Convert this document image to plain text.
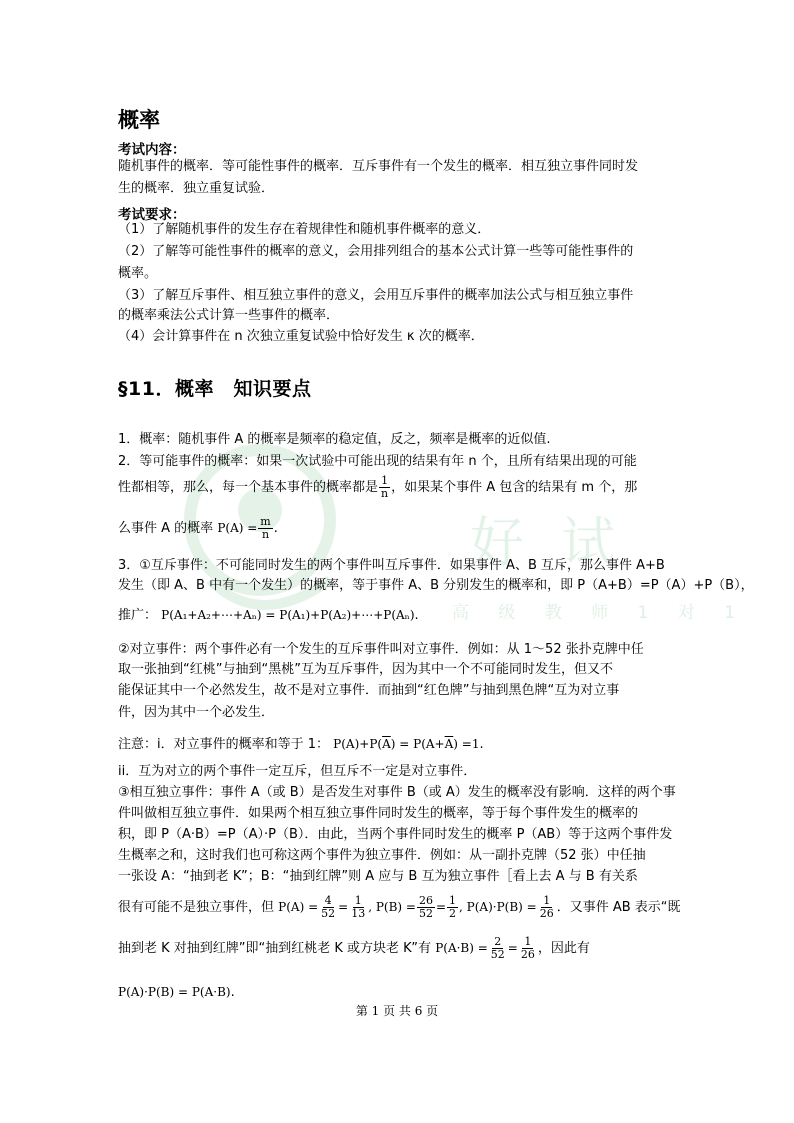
好 试
高 级 教 师 1 对 1
概率
考试内容：
随机事件的概率．等可能性事件的概率．互斥事件有一个发生的概率．相互独立事件同时发
生的概率．独立重复试验．
考试要求：
（1）了解随机事件的发生存在着规律性和随机事件概率的意义．
（2）了解等可能性事件的概率的意义，会用排列组合的基本公式计算一些等可能性事件的
概率。
（3）了解互斥事件、相互独立事件的意义，会用互斥事件的概率加法公式与相互独立事件
的概率乘法公式计算一些事件的概率．
（4）会计算事件在 n 次独立重复试验中恰好发生 κ 次的概率．
§11．概率　知识要点
1．概率：随机事件 A 的概率是频率的稳定值，反之，频率是概率的近似值.
2．等可能事件的概率：如果一次试验中可能出现的结果有年 n 个，且所有结果出现的可能
性都相等，那么，每一个基本事件的概率都是 $\frac{1}{n}$ ，如果某个事件 A 包含的结果有 m 个，那
么事件 A 的概率 $P(A) = \frac{m}{n}$ .
3．①互斥事件：不可能同时发生的两个事件叫互斥事件．如果事件 A、B 互斥，那么事件 A+B
发生（即 A、B 中有一个发生）的概率，等于事件 A、B 分别发生的概率和，即 P（A+B）=P（A）+P（B），
推广： P(A₁+A₂+⋯+Aₙ) = P(A₁)+P(A₂)+⋯+P(Aₙ).
②对立事件：两个事件必有一个发生的互斥事件叫对立事件．例如：从 1～52 张扑克牌中任
取一张抽到“红桃”与抽到“黑桃”互为互斥事件，因为其中一个不可能同时发生，但又不
能保证其中一个必然发生，故不是对立事件．而抽到“红色牌”与抽到黑色牌“互为对立事
件，因为其中一个必发生．
注意：i．对立事件的概率和等于 1： $P(A)+P(\overline{A}) = P(A+\overline{A}) =1$.
ii．互为对立的两个事件一定互斥，但互斥不一定是对立事件．
③相互独立事件：事件 A（或 B）是否发生对事件 B（或 A）发生的概率没有影响．这样的两个事
件叫做相互独立事件．如果两个相互独立事件同时发生的概率，等于每个事件发生的概率的
积，即 P（A·B）=P（A）·P（B）．由此，当两个事件同时发生的概率 P（AB）等于这两个事件发
生概率之和，这时我们也可称这两个事件为独立事件．例如：从一副扑克牌（52 张）中任抽
一张设 A：“抽到老 K”；B：“抽到红牌”则 A 应与 B 互为独立事件［看上去 A 与 B 有关系
很有可能不是独立事件，但 $P(A) = \frac{4}{52} = \frac{1}{13}$ , $P(B) = \frac{26}{52} = \frac{1}{2}$ , $P(A)\cdot P(B) = \frac{1}{26}$ ．又事件 AB 表示“既
抽到老 K 对抽到红牌”即“抽到红桃老 K 或方块老 K”有 $P(A\cdot B) = \frac{2}{52} = \frac{1}{26}$ ，因此有
P(A)·P(B) = P(A·B).
第 1 页 共 6 页
